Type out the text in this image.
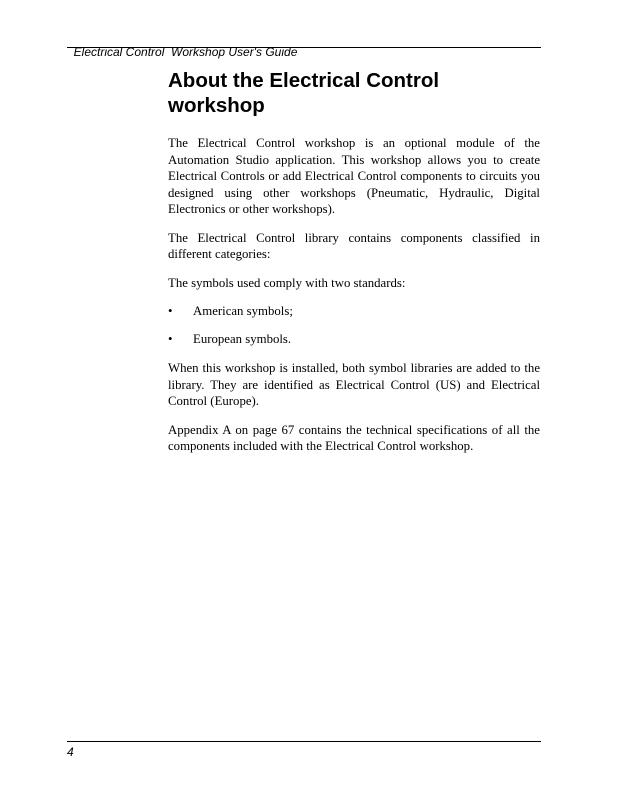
Electrical Control  Workshop User's Guide

About the Electrical Control
workshop

The Electrical Control workshop is an optional module of the Automation Studio application. This workshop allows you to create Electrical Controls or add Electrical Control components to circuits you designed using other workshops (Pneumatic, Hydraulic, Digital Electronics or other workshops).

The Electrical Control library contains components classified in different categories:

The symbols used comply with two standards:

• American symbols;
• European symbols.

When this workshop is installed, both symbol libraries are added to the library. They are identified as Electrical Control (US) and Electrical Control (Europe).

Appendix A on page 67 contains the technical specifications of all the components included with the Electrical Control workshop.

4
